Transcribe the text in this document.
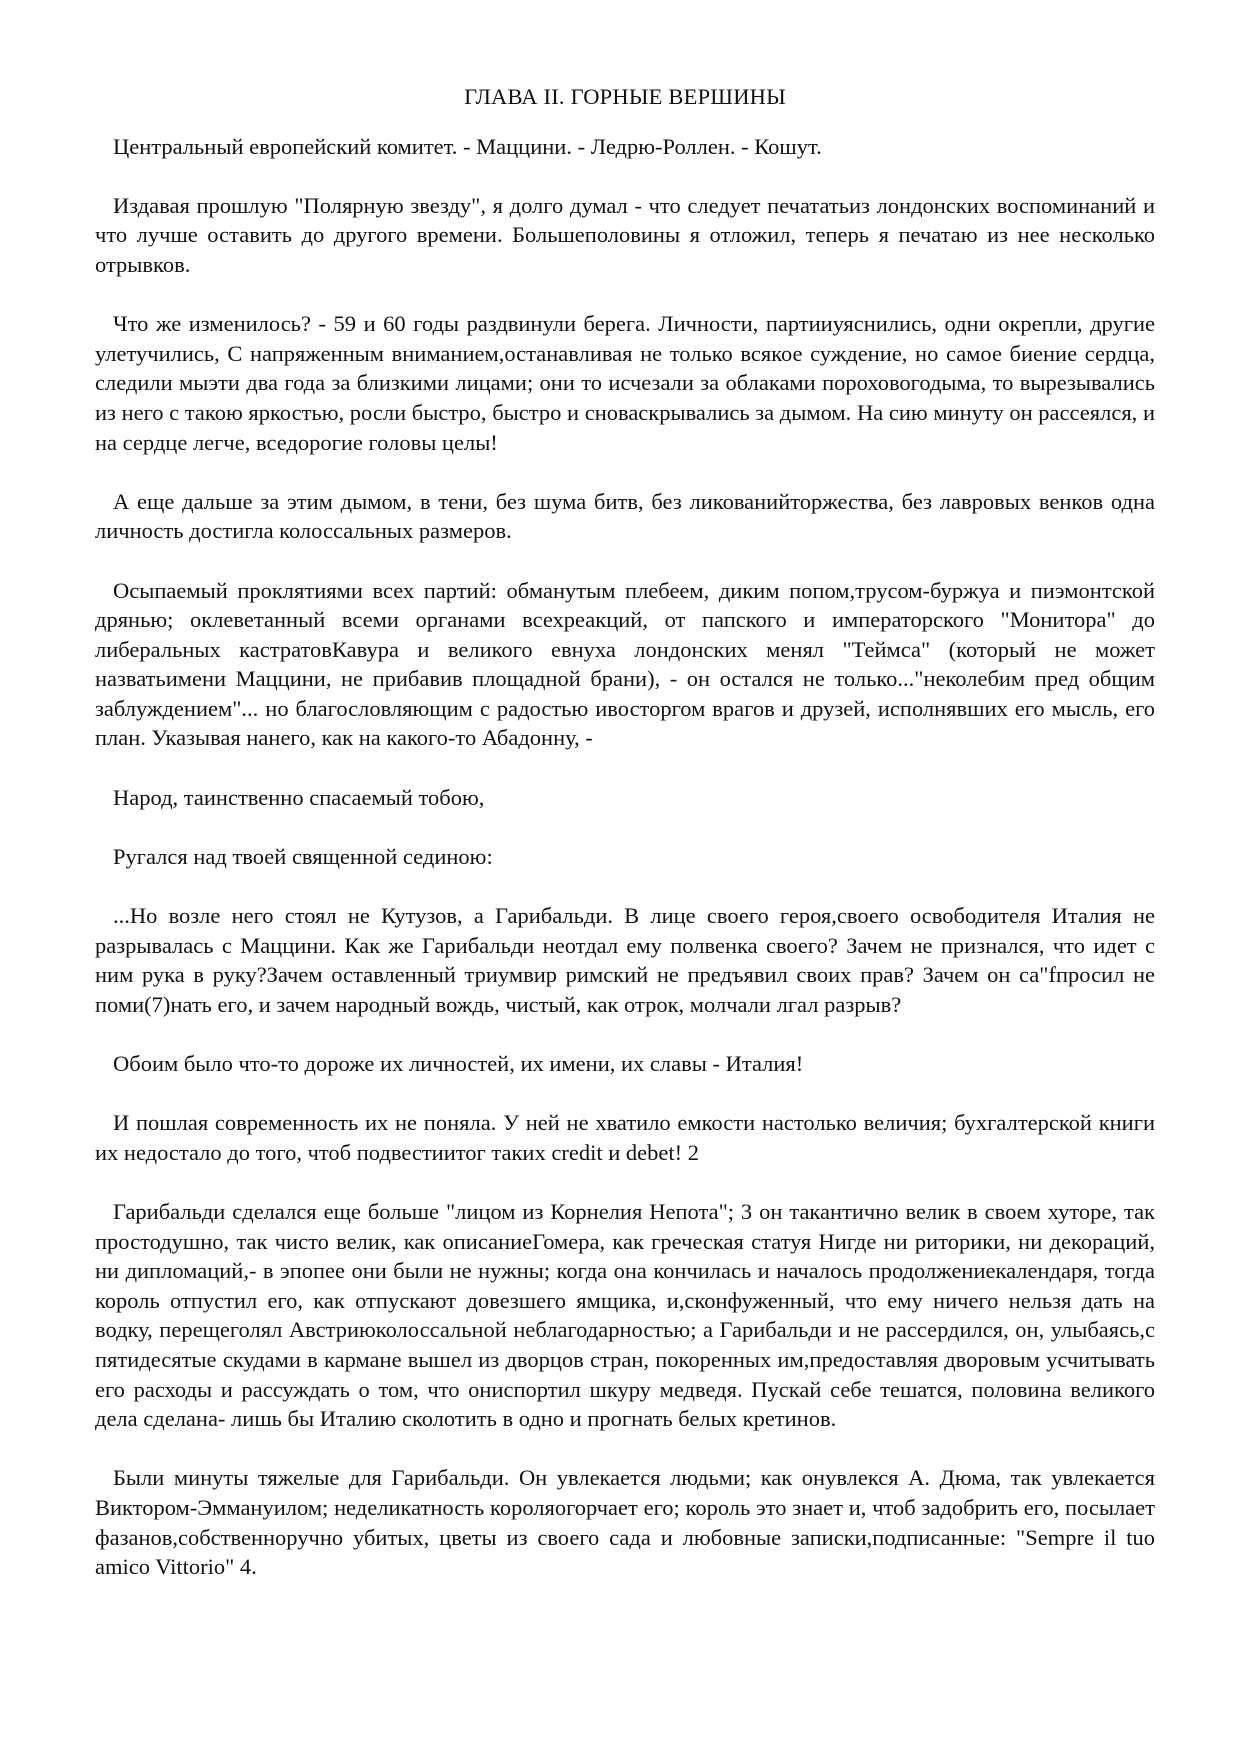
ГЛАВА II. ГОРНЫЕ ВЕРШИНЫ

Центральный европейский комитет. - Маццини. - Ледрю-Роллен. - Кошут.

Издавая прошлую "Полярную звезду", я долго думал - что следует печататьиз лондонских воспоминаний и что лучше оставить до другого времени. Большеполовины я отложил, теперь я печатаю из нее несколько отрывков.

Что же изменилось? - 59 и 60 годы раздвинули берега. Личности, партииуяснились, одни окрепли, другие улетучились, С напряженным вниманием,останавливая не только всякое суждение, но самое биение сердца, следили мыэти два года за близкими лицами; они то исчезали за облаками пороховогодыма, то вырезывались из него с такою яркостью, росли быстро, быстро и сноваскрывались за дымом. На сию минуту он рассеялся, и на сердце легче, вседорогие головы целы!

А еще дальше за этим дымом, в тени, без шума битв, без ликованийторжества, без лавровых венков одна личность достигла колоссальных размеров.

Осыпаемый проклятиями всех партий: обманутым плебеем, диким попом,трусом-буржуа и пиэмонтской дрянью; оклеветанный всеми органами всехреакций, от папского и императорского "Монитора" до либеральных кастратовКавура и великого евнуха лондонских менял "Теймса" (который не может назватьимени Маццини, не прибавив площадной брани), - он остался не только..."неколебим пред общим заблуждением"... но благословляющим с радостью ивосторгом врагов и друзей, исполнявших его мысль, его план. Указывая нанего, как на какого-то Абадонну, -

Народ, таинственно спасаемый тобою,

Ругался над твоей священной сединою:

...Но возле него стоял не Кутузов, а Гарибальди. В лице своего героя,своего освободителя Италия не разрывалась с Маццини. Как же Гарибальди неотдал ему полвенка своего? Зачем не признался, что идет с ним рука в руку?Зачем оставленный триумвир римский не предъявил своих прав? Зачем он са"fпросил не поми(7)нать его, и зачем народный вождь, чистый, как отрок, молчали лгал разрыв?

Обоим было что-то дороже их личностей, их имени, их славы - Италия!

И пошлая современность их не поняла. У ней не хватило емкости настолько величия; бухгалтерской книги их недостало до того, чтоб подвестиитог таких credit и debet! 2

Гарибальди сделался еще больше "лицом из Корнелия Непота"; 3 он такантично велик в своем хуторе, так простодушно, так чисто велик, как описаниеГомера, как греческая статуя Нигде ни риторики, ни декораций, ни дипломаций,- в эпопее они были не нужны; когда она кончилась и началось продолжениекалендаря, тогда король отпустил его, как отпускают довезшего ямщика, и,сконфуженный, что ему ничего нельзя дать на водку, перещеголял Австриюколоссальной неблагодарностью; а Гарибальди и не рассердился, он, улыбаясь,с пятидесятые скудами в кармане вышел из дворцов стран, покоренных им,предоставляя дворовым усчитывать его расходы и рассуждать о том, что ониспортил шкуру медведя. Пускай себе тешатся, половина великого дела сделана- лишь бы Италию сколотить в одно и прогнать белых кретинов.

Были минуты тяжелые для Гарибальди. Он увлекается людьми; как онувлекся А. Дюма, так увлекается Виктором-Эммануилом; неделикатность короляогорчает его; король это знает и, чтоб задобрить его, посылает фазанов,собственноручно убитых, цветы из своего сада и любовные записки,подписанные: "Sempre il tuo amico Vittorio" 4.
